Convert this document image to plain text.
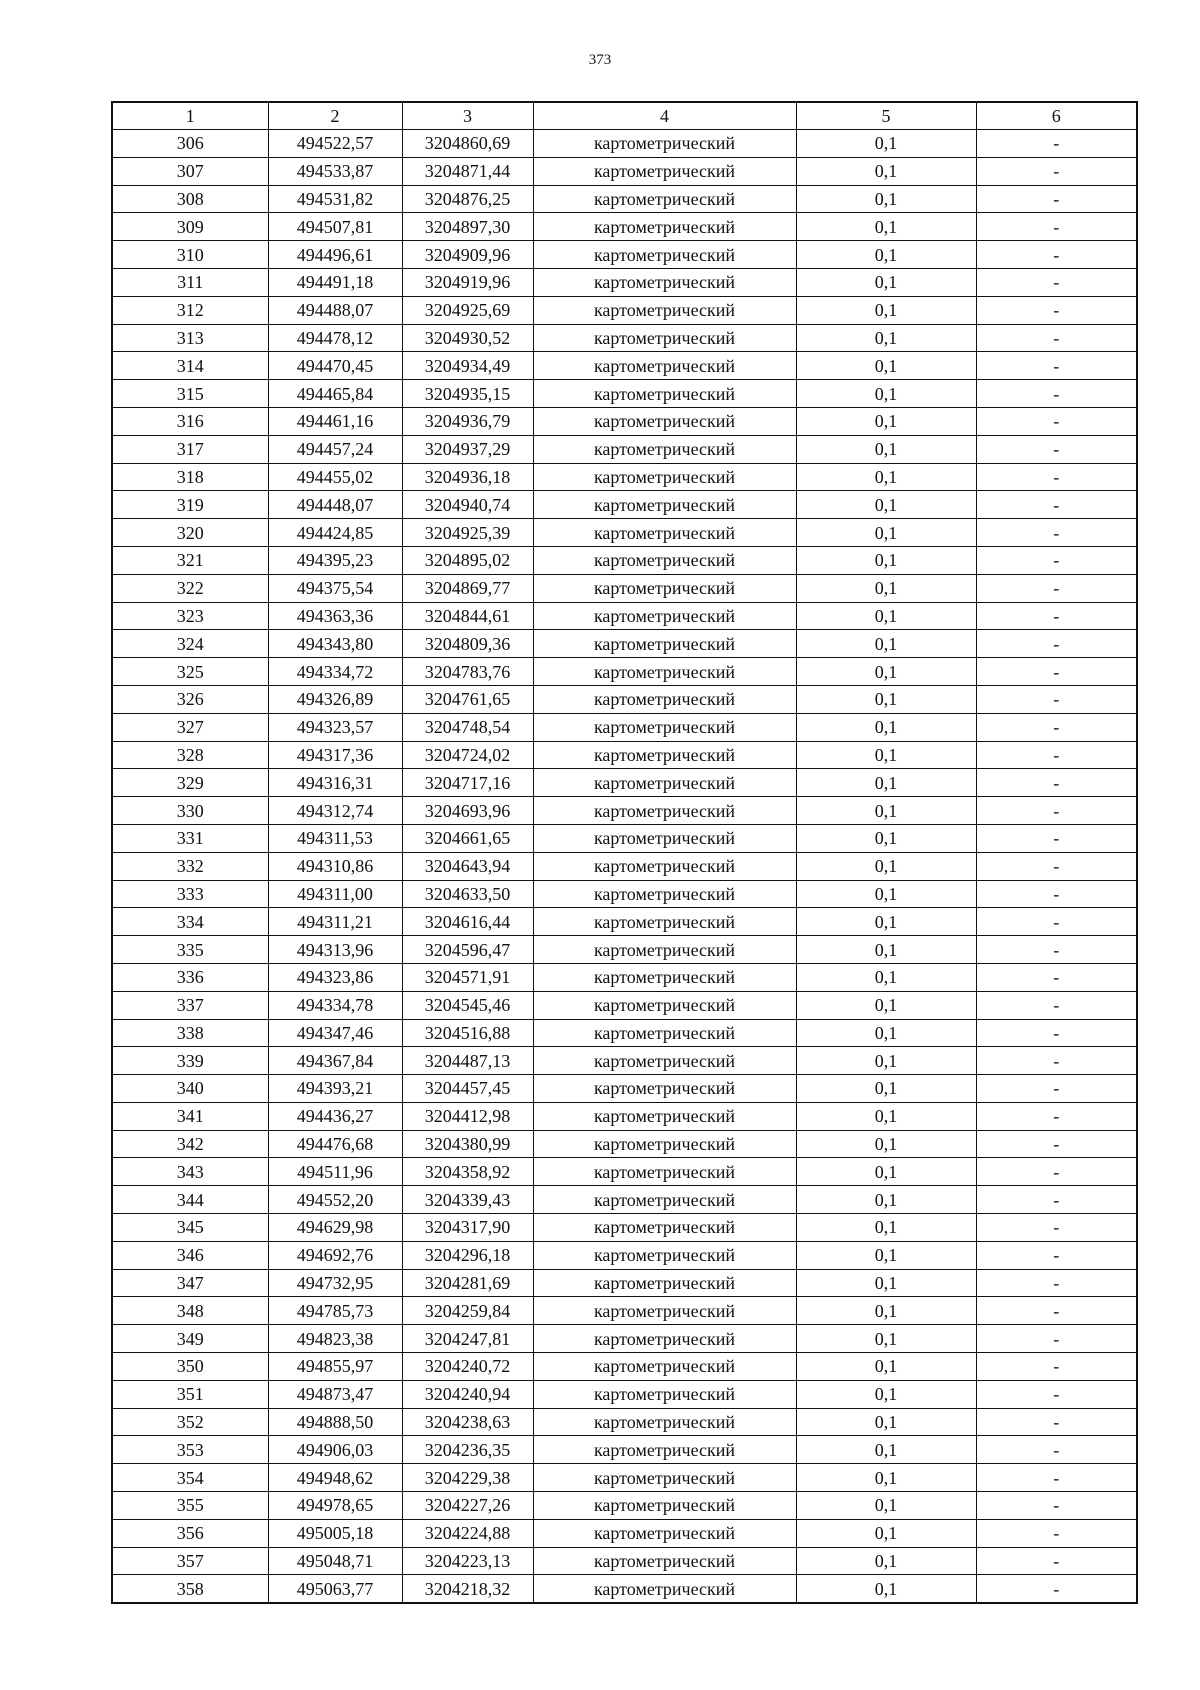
373
1	2	3	4	5	6
306	494522,57	3204860,69	картометрический	0,1	-
307	494533,87	3204871,44	картометрический	0,1	-
308	494531,82	3204876,25	картометрический	0,1	-
309	494507,81	3204897,30	картометрический	0,1	-
310	494496,61	3204909,96	картометрический	0,1	-
311	494491,18	3204919,96	картометрический	0,1	-
312	494488,07	3204925,69	картометрический	0,1	-
313	494478,12	3204930,52	картометрический	0,1	-
314	494470,45	3204934,49	картометрический	0,1	-
315	494465,84	3204935,15	картометрический	0,1	-
316	494461,16	3204936,79	картометрический	0,1	-
317	494457,24	3204937,29	картометрический	0,1	-
318	494455,02	3204936,18	картометрический	0,1	-
319	494448,07	3204940,74	картометрический	0,1	-
320	494424,85	3204925,39	картометрический	0,1	-
321	494395,23	3204895,02	картометрический	0,1	-
322	494375,54	3204869,77	картометрический	0,1	-
323	494363,36	3204844,61	картометрический	0,1	-
324	494343,80	3204809,36	картометрический	0,1	-
325	494334,72	3204783,76	картометрический	0,1	-
326	494326,89	3204761,65	картометрический	0,1	-
327	494323,57	3204748,54	картометрический	0,1	-
328	494317,36	3204724,02	картометрический	0,1	-
329	494316,31	3204717,16	картометрический	0,1	-
330	494312,74	3204693,96	картометрический	0,1	-
331	494311,53	3204661,65	картометрический	0,1	-
332	494310,86	3204643,94	картометрический	0,1	-
333	494311,00	3204633,50	картометрический	0,1	-
334	494311,21	3204616,44	картометрический	0,1	-
335	494313,96	3204596,47	картометрический	0,1	-
336	494323,86	3204571,91	картометрический	0,1	-
337	494334,78	3204545,46	картометрический	0,1	-
338	494347,46	3204516,88	картометрический	0,1	-
339	494367,84	3204487,13	картометрический	0,1	-
340	494393,21	3204457,45	картометрический	0,1	-
341	494436,27	3204412,98	картометрический	0,1	-
342	494476,68	3204380,99	картометрический	0,1	-
343	494511,96	3204358,92	картометрический	0,1	-
344	494552,20	3204339,43	картометрический	0,1	-
345	494629,98	3204317,90	картометрический	0,1	-
346	494692,76	3204296,18	картометрический	0,1	-
347	494732,95	3204281,69	картометрический	0,1	-
348	494785,73	3204259,84	картометрический	0,1	-
349	494823,38	3204247,81	картометрический	0,1	-
350	494855,97	3204240,72	картометрический	0,1	-
351	494873,47	3204240,94	картометрический	0,1	-
352	494888,50	3204238,63	картометрический	0,1	-
353	494906,03	3204236,35	картометрический	0,1	-
354	494948,62	3204229,38	картометрический	0,1	-
355	494978,65	3204227,26	картометрический	0,1	-
356	495005,18	3204224,88	картометрический	0,1	-
357	495048,71	3204223,13	картометрический	0,1	-
358	495063,77	3204218,32	картометрический	0,1	-
